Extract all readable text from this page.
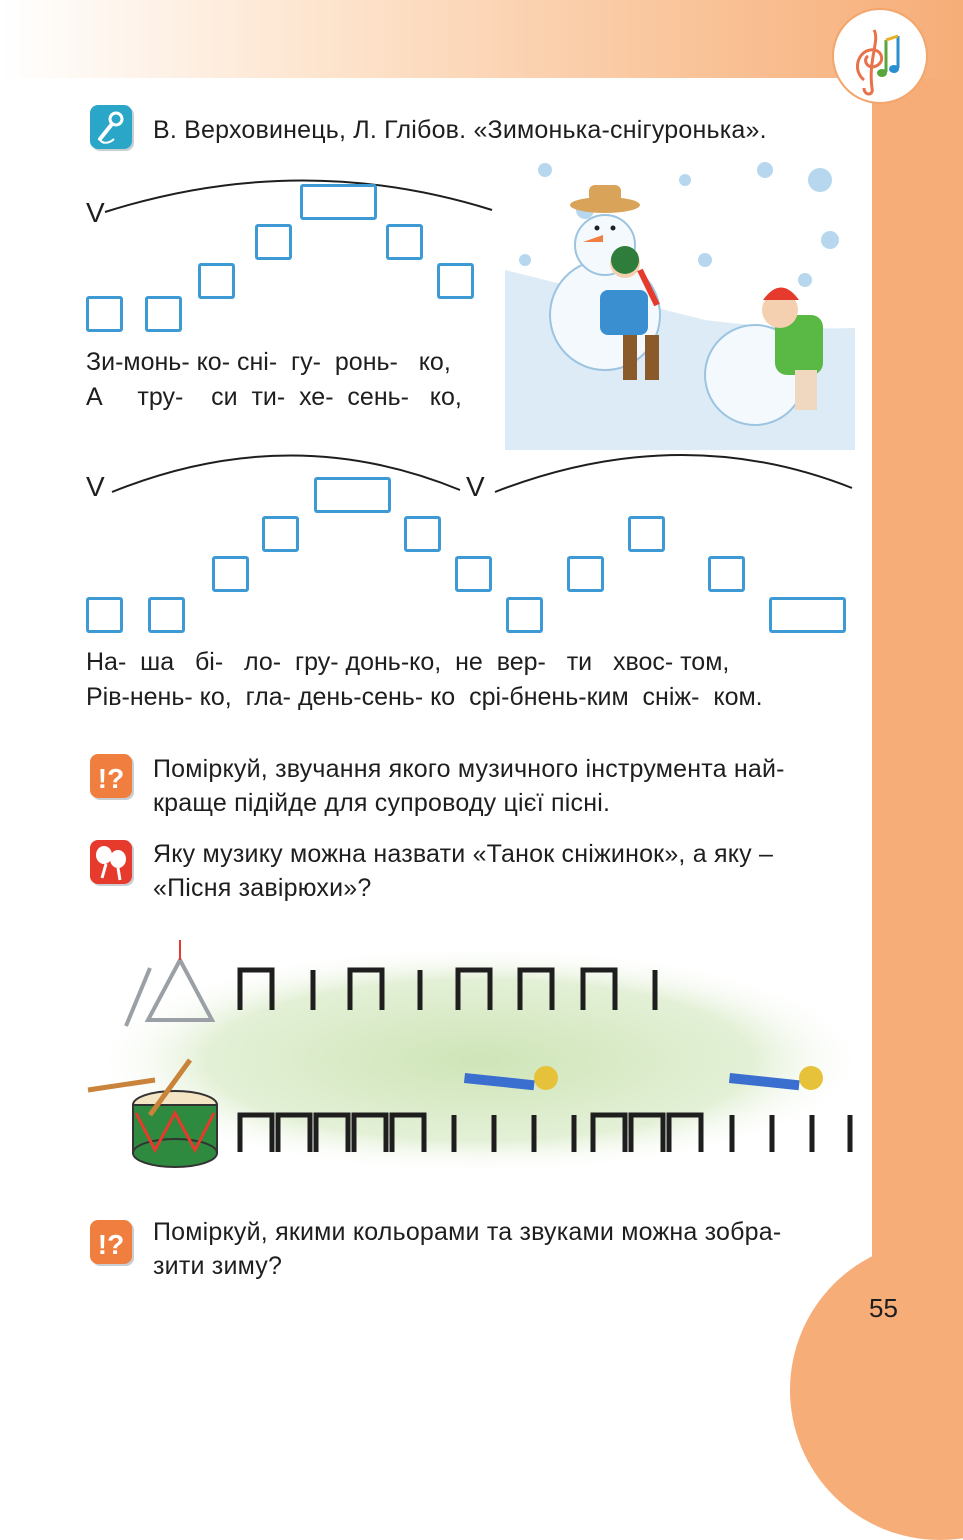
В. Верховинець, Л. Глібов. «Зимонька-снігуронька».
V
Зи-монь- ко- сні-  гу-  ронь-   ко,
А     тру-    си  ти-  хе-  сень-   ко,
V	V
На-  ша   бі-   ло-  гру- донь-ко,  не  вер-   ти   хвос- том,
Рів-нень- ко,  гла- день-сень- ко  срі-бнень-ким  сніж-  ком.
!? Поміркуй, звучання якого музичного інструмента най-
краще підійде для супроводу цієї пісні.
Яку музику можна назвати «Танок сніжинок», а яку –
«Пісня завірюхи»?
!? Поміркуй, якими кольорами та звуками можна зобра-
зити зиму?
55
